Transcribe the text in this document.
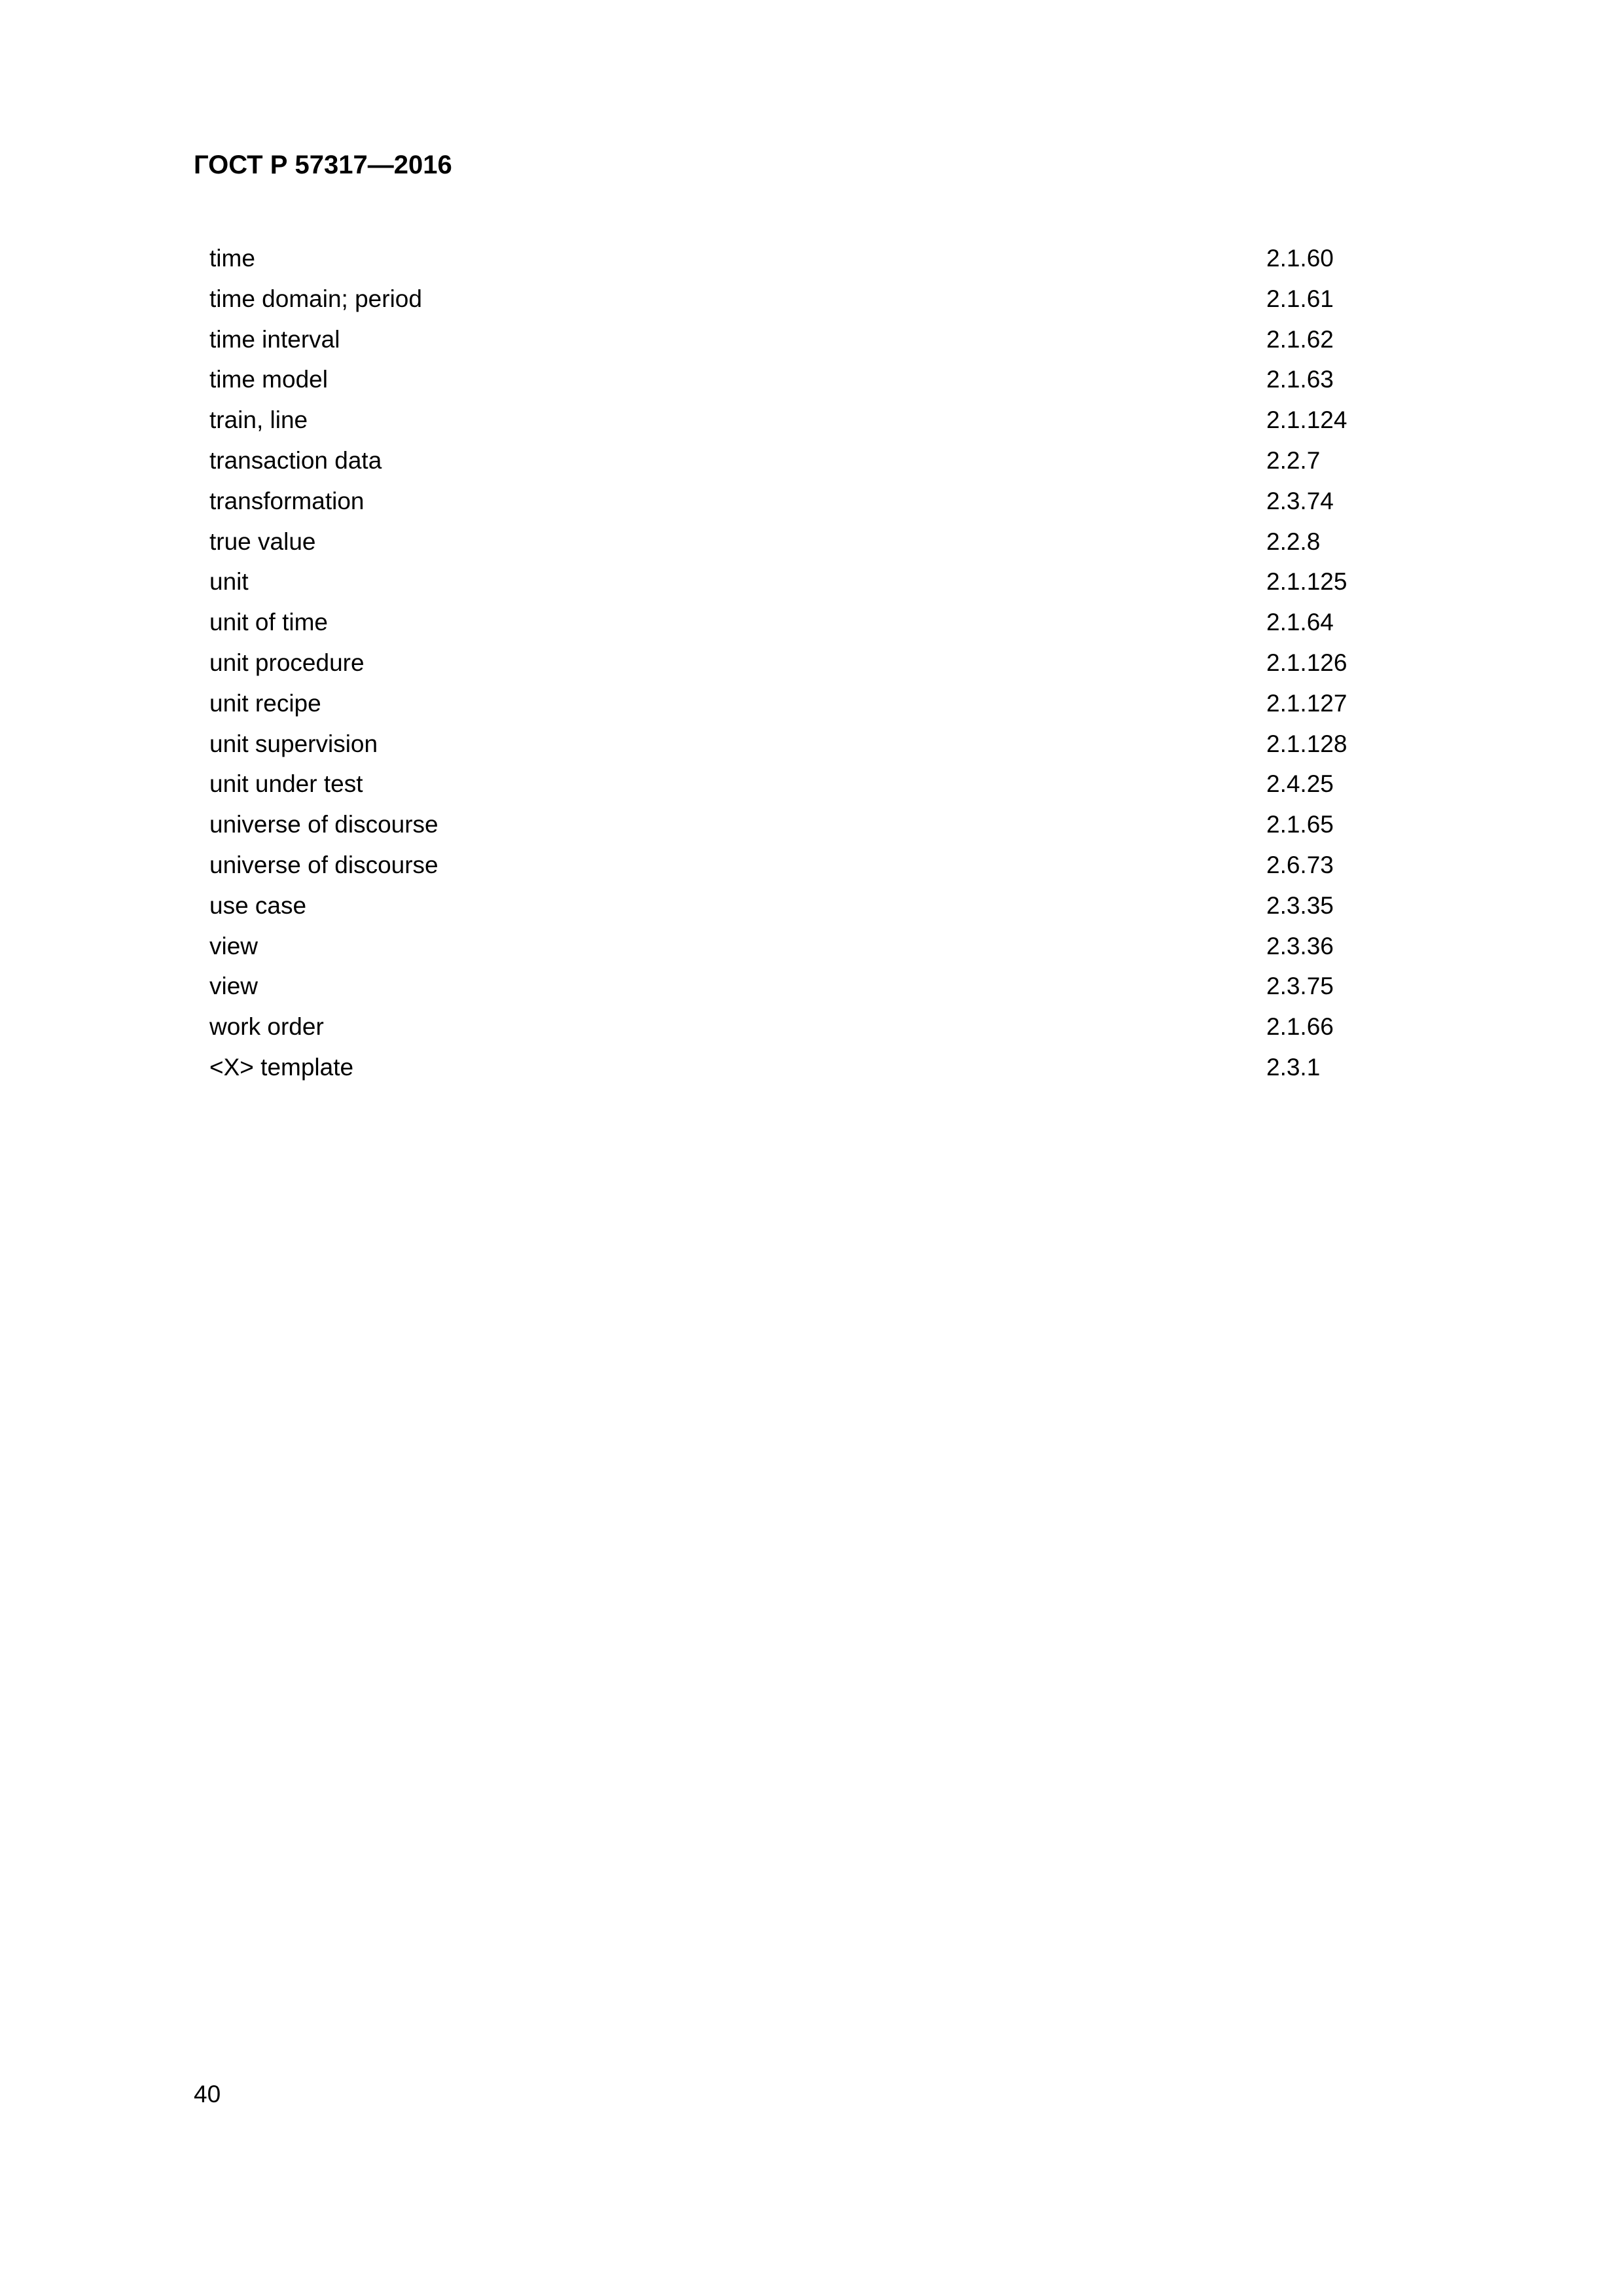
ГОСТ Р 57317—2016
time	2.1.60
time domain; period	2.1.61
time interval	2.1.62
time model	2.1.63
train, line	2.1.124
transaction data	2.2.7
transformation	2.3.74
true value	2.2.8
unit	2.1.125
unit of time	2.1.64
unit procedure	2.1.126
unit recipe	2.1.127
unit supervision	2.1.128
unit under test	2.4.25
universe of discourse	2.1.65
universe of discourse	2.6.73
use case	2.3.35
view	2.3.36
view	2.3.75
work order	2.1.66
<X> template	2.3.1
40
